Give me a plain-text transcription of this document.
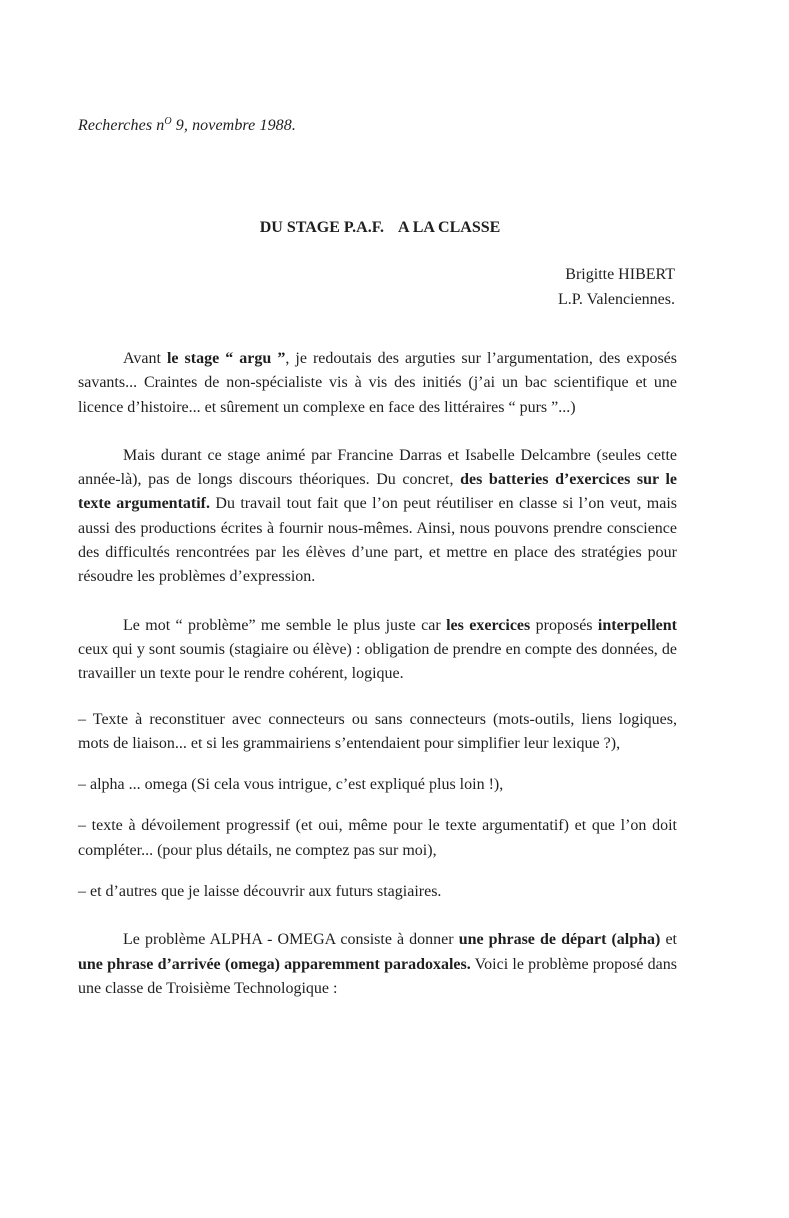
Recherches $n^O$ 9, novembre 1988.
DU STAGE P.A.F. A LA CLASSE
Brigitte HIBERT
L.P. Valenciennes.

Avant le stage “ argu ”, je redoutais des arguties sur l’argumentation, des exposés savants... Craintes de non-spécialiste vis à vis des initiés (j’ai un bac scientifique et une licence d’histoire... et sûrement un complexe en face des littéraires “ purs ”...)

Mais durant ce stage animé par Francine Darras et Isabelle Delcambre (seules cette année-là), pas de longs discours théoriques. Du concret, des batteries d’exercices sur le texte argumentatif. Du travail tout fait que l’on peut réutiliser en classe si l’on veut, mais aussi des productions écrites à fournir nous-mêmes. Ainsi, nous pouvons prendre conscience des difficultés rencontrées par les élèves d’une part, et mettre en place des stratégies pour résoudre les problèmes d’expression.

Le mot “ problème” me semble le plus juste car les exercices proposés interpellent ceux qui y sont soumis (stagiaire ou élève) : obligation de prendre en compte des données, de travailler un texte pour le rendre cohérent, logique.

– Texte à reconstituer avec connecteurs ou sans connecteurs (mots-outils, liens logiques, mots de liaison... et si les grammairiens s’entendaient pour simplifier leur lexique ?),

– alpha ... omega (Si cela vous intrigue, c’est expliqué plus loin !),

– texte à dévoilement progressif (et oui, même pour le texte argumentatif) et que l’on doit compléter... (pour plus détails, ne comptez pas sur moi),

– et d’autres que je laisse découvrir aux futurs stagiaires.

Le problème ALPHA - OMEGA consiste à donner une phrase de départ (alpha) et une phrase d’arrivée (omega) apparemment paradoxales. Voici le problème proposé dans une classe de Troisième Technologique :
